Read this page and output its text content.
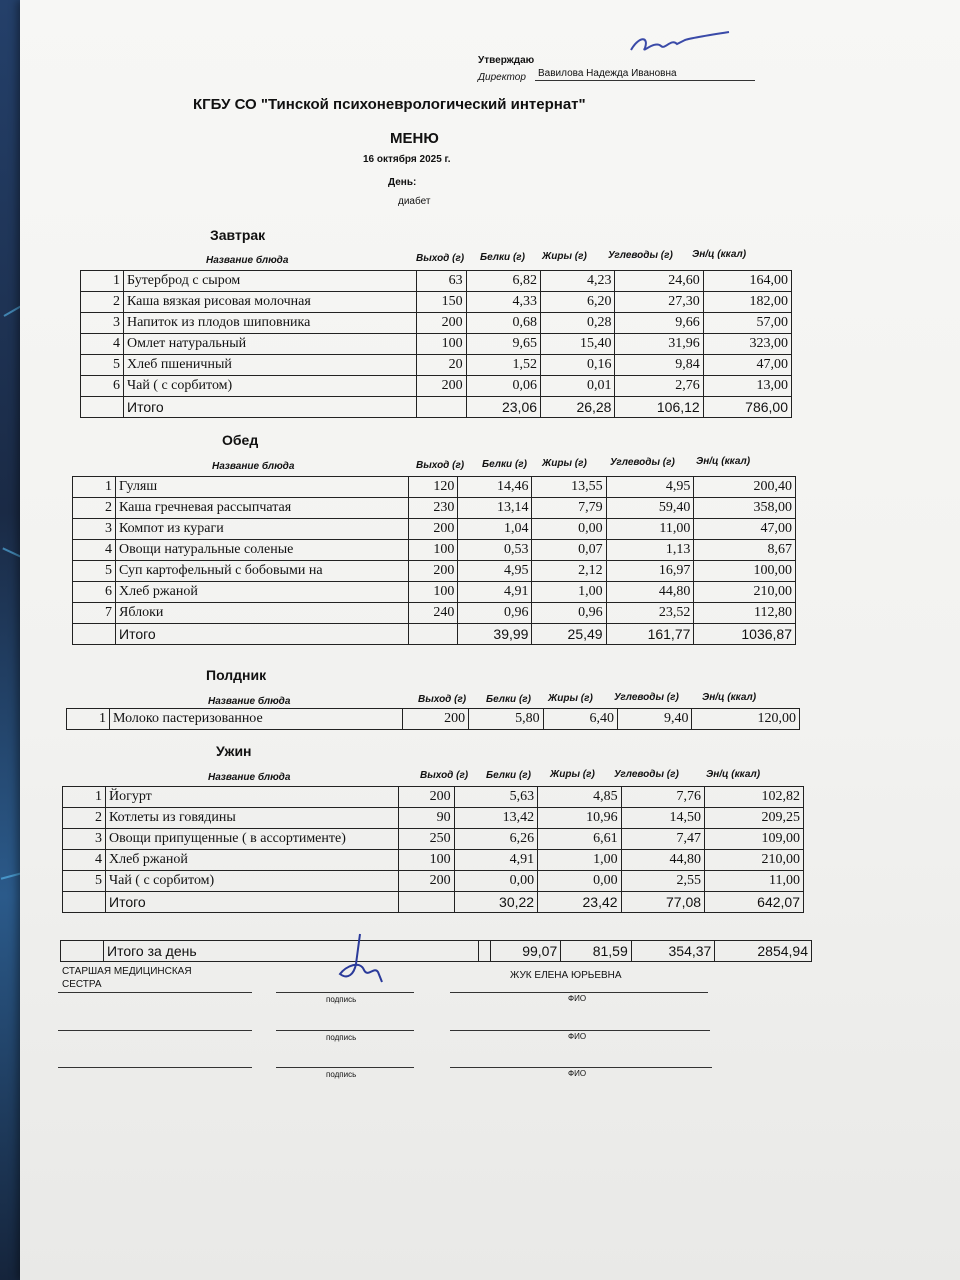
Утверждаю
Директор Вавилова Надежда Ивановна
КГБУ СО "Тинской психоневрологический интернат"
МЕНЮ
16 октября 2025 г.
День:
диабет
Завтрак
Название блюда	Выход (г) Белки (г) Жиры (г) Углеводы (г) Эн/ц (ккал)
1	Бутерброд с сыром	63	6,82	4,23	24,60	164,00
2	Каша вязкая рисовая молочная	150	4,33	6,20	27,30	182,00
3	Напиток из плодов шиповника	200	0,68	0,28	9,66	57,00
4	Омлет натуральный	100	9,65	15,40	31,96	323,00
5	Хлеб пшеничный	20	1,52	0,16	9,84	47,00
6	Чай ( с сорбитом)	200	0,06	0,01	2,76	13,00
	Итого		23,06	26,28	106,12	786,00
Обед
Название блюда	Выход (г) Белки (г) Жиры (г) Углеводы (г) Эн/ц (ккал)
1	Гуляш	120	14,46	13,55	4,95	200,40
2	Каша гречневая рассыпчатая	230	13,14	7,79	59,40	358,00
3	Компот из кураги	200	1,04	0,00	11,00	47,00
4	Овощи натуральные соленые	100	0,53	0,07	1,13	8,67
5	Суп картофельный с бобовыми на	200	4,95	2,12	16,97	100,00
6	Хлеб ржаной	100	4,91	1,00	44,80	210,00
7	Яблоки	240	0,96	0,96	23,52	112,80
	Итого		39,99	25,49	161,77	1036,87
Полдник
Название блюда	Выход (г) Белки (г) Жиры (г) Углеводы (г) Эн/ц (ккал)
1	Молоко пастеризованное	200	5,80	6,40	9,40	120,00
Ужин
Название блюда	Выход (г) Белки (г) Жиры (г) Углеводы (г)	Эн/ц (ккал)
1	Йогурт	200	5,63	4,85	7,76	102,82
2	Котлеты из говядины	90	13,42	10,96	14,50	209,25
3	Овощи припущенные ( в ассортименте)	250	6,26	6,61	7,47	109,00
4	Хлеб ржаной	100	4,91	1,00	44,80	210,00
5	Чай ( с сорбитом)	200	0,00	0,00	2,55	11,00
	Итого		30,22	23,42	77,08	642,07
	Итого за день		99,07	81,59	354,37	2854,94
СТАРШАЯ МЕДИЦИНСКАЯ СЕСТРА
ЖУК ЕЛЕНА ЮРЬЕВНА
подпись	ФИО
подпись	ФИО
подпись	ФИО
